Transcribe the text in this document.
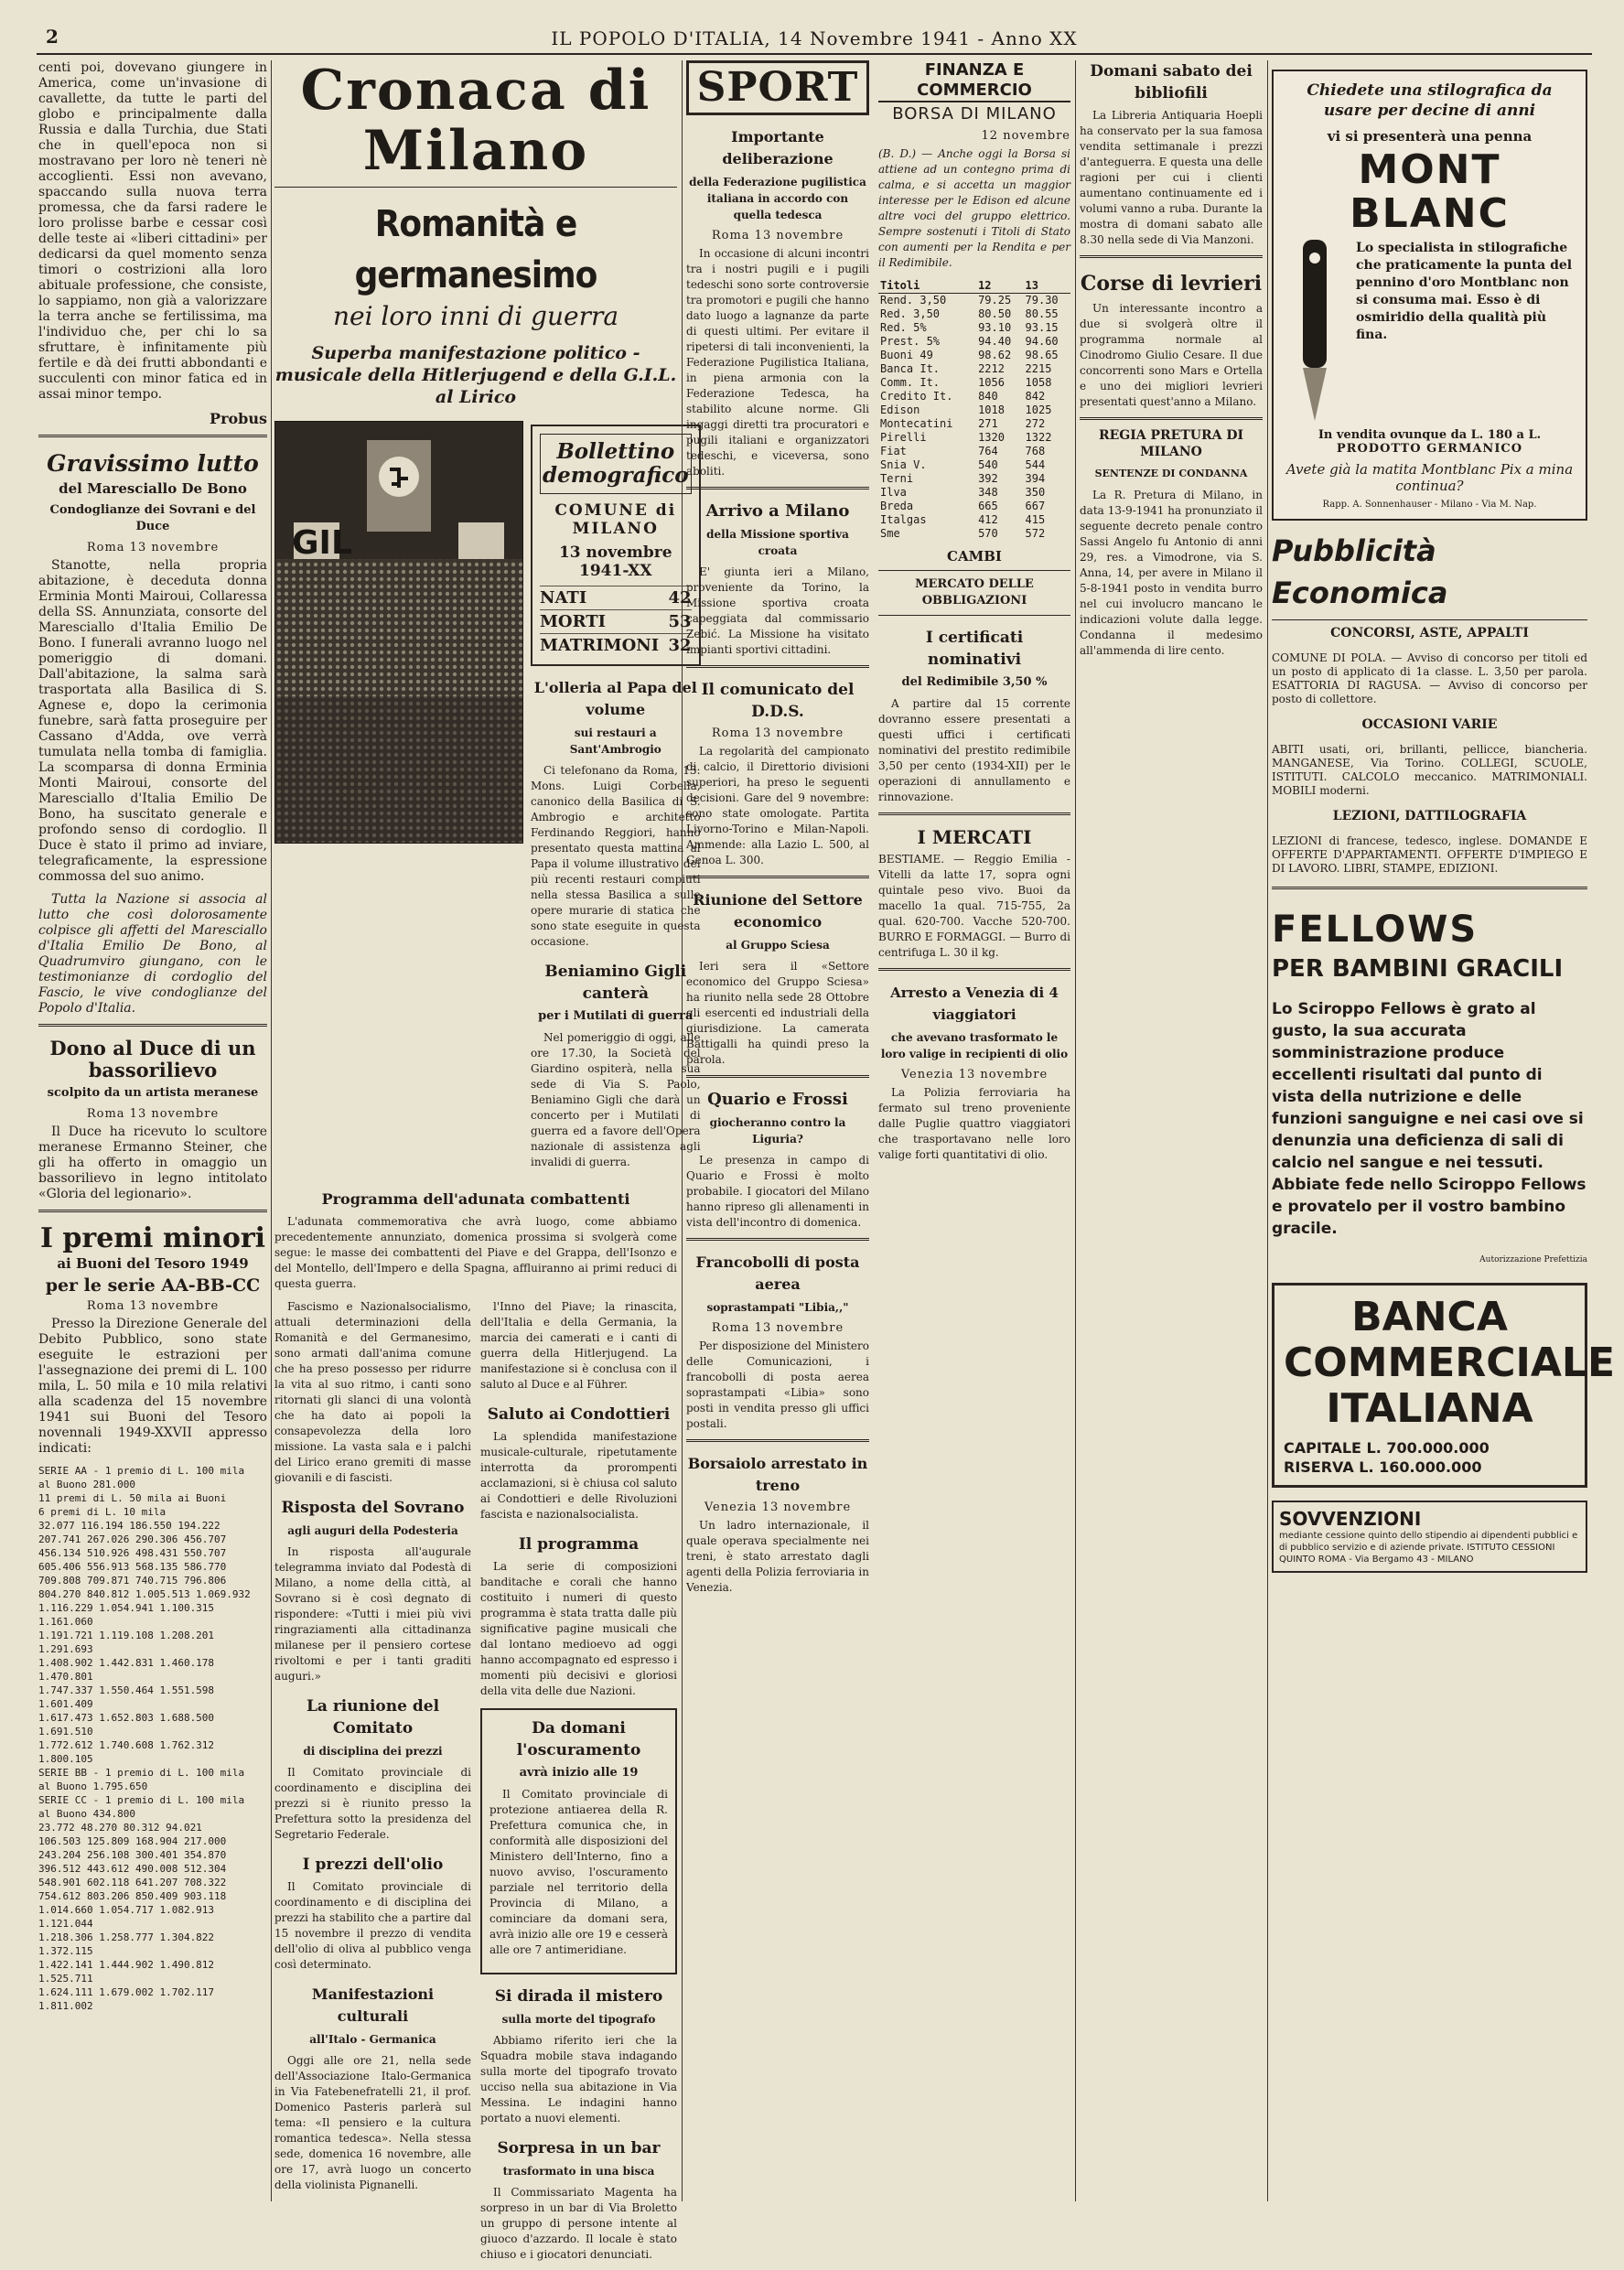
2	IL POPOLO D'ITALIA, 14 Novembre 1941 - Anno XX

centi poi, dovevano giungere in America, come un'invasione di cavallette, da tutte le parti del globo e principalmente dalla Russia e dalla Turchia, due Stati che in quell'epoca non si mostravano per loro nè teneri nè accoglienti. Essi non avevano, spaccando sulla nuova terra promessa, che da farsi radere le loro prolisse barbe e cessar così delle teste ai «liberi cittadini» per dedicarsi da quel momento senza timori o costrizioni alla loro abituale professione, che consiste, lo sappiamo, non già a valorizzare la terra anche se fertilissima, ma l'individuo che, per chi lo sa sfruttare, è infinitamente più fertile e dà dei frutti abbondanti e succulenti con minor fatica ed in assai minor tempo.

Probus
Gravissimo lutto
del Maresciallo De Bono
Condoglianze dei Sovrani e del Duce
Roma 13 novembre

Stanotte, nella propria abitazione, è deceduta donna Erminia Monti Mairoui, Collaressa della SS. Annunziata, consorte del Maresciallo d'Italia Emilio De Bono. I funerali avranno luogo nel pomeriggio di domani. Dall'abitazione, la salma sarà trasportata alla Basilica di S. Agnese e, dopo la cerimonia funebre, sarà fatta proseguire per Cassano d'Adda, ove verrà tumulata nella tomba di famiglia. La scomparsa di donna Erminia Monti Mairoui, consorte del Maresciallo d'Italia Emilio De Bono, ha suscitato generale e profondo senso di cordoglio. Il Duce è stato il primo ad inviare, telegraficamente, la espressione commossa del suo animo.

Tutta la Nazione si associa al lutto che così dolorosamente colpisce gli affetti del Maresciallo d'Italia Emilio De Bono, al Quadrumviro giungano, con le testimonianze di cordoglio del Fascio, le vive condoglianze del Popolo d'Italia.

Dono al Duce di un bassorilievo
scolpito da un artista meranese
Roma 13 novembre

Il Duce ha ricevuto lo scultore meranese Ermanno Steiner, che gli ha offerto in omaggio un bassorilievo in legno intitolato «Gloria del legionario».

I premi minori
ai Buoni del Tesoro 1949
per le serie AA-BB-CC
Roma 13 novembre

Presso la Direzione Generale del Debito Pubblico, sono state eseguite le estrazioni per l'assegnazione dei premi di L. 100 mila, L. 50 mila e 10 mila relativi alla scadenza del 15 novembre 1941 sui Buoni del Tesoro novennali 1949-XXVII appresso indicati:

SERIE AA - 1 premio di L. 100 mila
al Buono 281.000
11 premi di L. 50 mila ai Buoni
6 premi di L. 10 mila
32.077 116.194 186.550 194.222
207.741 267.026 290.306 456.707
456.134 510.926 498.431 550.707
605.406 556.913 568.135 586.770
709.808 709.871 740.715 796.806
804.270 840.812 1.005.513 1.069.932
1.116.229 1.054.941 1.100.315 1.161.060
1.191.721 1.119.108 1.208.201 1.291.693
1.408.902 1.442.831 1.460.178 1.470.801
1.747.337 1.550.464 1.551.598 1.601.409
1.617.473 1.652.803 1.688.500 1.691.510
1.772.612 1.740.608 1.762.312 1.800.105
SERIE BB - 1 premio di L. 100 mila
al Buono 1.795.650
SERIE CC - 1 premio di L. 100 mila
al Buono 434.800
23.772 48.270 80.312 94.021
106.503 125.809 168.904 217.000
243.204 256.108 300.401 354.870
396.512 443.612 490.008 512.304
548.901 602.118 641.207 708.322
754.612 803.206 850.409 903.118
1.014.660 1.054.717 1.082.913 1.121.044
1.218.306 1.258.777 1.304.822 1.372.115
1.422.141 1.444.902 1.490.812 1.525.711
1.624.111 1.679.002 1.702.117 1.811.002
Cronaca di Milano
Romanità e germanesimo
nei loro inni di guerra
Superba manifestazione politico - musicale della Hitlerjugend e della G.I.L. al Lirico
GIL
Bollettino demografico
COMUNE di MILANO
13 novembre 1941-XX
NATI	42
MORTI	53
MATRIMONI 32
L'olleria al Papa del volume
sui restauri a Sant'Ambrogio

Ci telefonano da Roma, 13: Mons. Luigi Corbella, canonico della Basilica di S. Ambrogio e architetto Ferdinando Reggiori, hanno presentato questa mattina al Papa il volume illustrativo dei più recenti restauri compiuti nella stessa Basilica a sulle opere murarie di statica che sono state eseguite in questa occasione.

Beniamino Gigli canterà
per i Mutilati di guerra

Nel pomeriggio di oggi, alle ore 17.30, la Società del Giardino ospiterà, nella sua sede di Via S. Paolo, Beniamino Gigli che darà un concerto per i Mutilati di guerra ed a favore dell'Opera nazionale di assistenza agli invalidi di guerra.

Programma dell'adunata combattenti

L'adunata commemorativa che avrà luogo, come abbiamo precedentemente annunziato, domenica prossima si svolgerà come segue: le masse dei combattenti del Piave e del Grappa, dell'Isonzo e del Montello, dell'Impero e della Spagna, affluiranno ai primi reduci di questa guerra.

Fascismo e Nazionalsocialismo, attuali determinazioni della Romanità e del Germanesimo, sono armati dall'anima comune che ha preso possesso per ridurre la vita al suo ritmo, i canti sono ritornati gli slanci di una volontà che ha dato ai popoli la consapevolezza della loro missione. La vasta sala e i palchi del Lirico erano gremiti di masse giovanili e di fascisti.

Risposta del Sovrano
agli auguri della Podesteria

In risposta all'augurale telegramma inviato dal Podestà di Milano, a nome della città, al Sovrano si è così degnato di rispondere: «Tutti i miei più vivi ringraziamenti alla cittadinanza milanese per il pensiero cortese rivoltomi e per i tanti graditi auguri.»

La riunione del Comitato
di disciplina dei prezzi

Il Comitato provinciale di coordinamento e disciplina dei prezzi si è riunito presso la Prefettura sotto la presidenza del Segretario Federale.

I prezzi dell'olio

Il Comitato provinciale di coordinamento e di disciplina dei prezzi ha stabilito che a partire dal 15 novembre il prezzo di vendita dell'olio di oliva al pubblico venga così determinato.

Manifestazioni culturali
all'Italo - Germanica

Oggi alle ore 21, nella sede dell'Associazione Italo-Germanica in Via Fatebenefratelli 21, il prof. Domenico Pasteris parlerà sul tema: «Il pensiero e la cultura romantica tedesca». Nella stessa sede, domenica 16 novembre, alle ore 17, avrà luogo un concerto della violinista Pignanelli.

l'Inno del Piave; la rinascita, dell'Italia e della Germania, la marcia dei camerati e i canti di guerra della Hitlerjugend. La manifestazione si è conclusa con il saluto al Duce e al Führer.

Saluto ai Condottieri

La splendida manifestazione musicale-culturale, ripetutamente interrotta da prorompenti acclamazioni, si è chiusa col saluto ai Condottieri e delle Rivoluzioni fascista e nazionalsocialista.

Il programma

La serie di composizioni banditache e corali che hanno costituito i numeri di questo programma è stata tratta dalle più significative pagine musicali che dal lontano medioevo ad oggi hanno accompagnato ed espresso i momenti più decisivi e gloriosi della vita delle due Nazioni.

Da domani l'oscuramento
avrà inizio alle 19

Il Comitato provinciale di protezione antiaerea della R. Prefettura comunica che, in conformità alle disposizioni del Ministero dell'Interno, fino a nuovo avviso, l'oscuramento parziale nel territorio della Provincia di Milano, a cominciare da domani sera, avrà inizio alle ore 19 e cesserà alle ore 7 antimeridiane.

Si dirada il mistero
sulla morte del tipografo

Abbiamo riferito ieri che la Squadra mobile stava indagando sulla morte del tipografo trovato ucciso nella sua abitazione in Via Messina. Le indagini hanno portato a nuovi elementi.

Sorpresa in un bar
trasformato in una bisca

Il Commissariato Magenta ha sorpreso in un bar di Via Broletto un gruppo di persone intente al giuoco d'azzardo. Il locale è stato chiuso e i giocatori denunciati.

SPORT
Importante deliberazione
della Federazione pugilistica italiana in accordo con quella tedesca
Roma 13 novembre

In occasione di alcuni incontri tra i nostri pugili e i pugili tedeschi sono sorte controversie tra promotori e pugili che hanno dato luogo a lagnanze da parte di questi ultimi. Per evitare il ripetersi di tali inconvenienti, la Federazione Pugilistica Italiana, in piena armonia con la Federazione Tedesca, ha stabilito alcune norme. Gli ingaggi diretti tra procuratori e pugili italiani e organizzatori tedeschi, e viceversa, sono aboliti.

Arrivo a Milano
della Missione sportiva croata

E' giunta ieri a Milano, proveniente da Torino, la Missione sportiva croata capeggiata dal commissario Zebić. La Missione ha visitato impianti sportivi cittadini.

Il comunicato del D.D.S.
Roma 13 novembre

La regolarità del campionato di calcio, il Direttorio divisioni superiori, ha preso le seguenti decisioni. Gare del 9 novembre: sono state omologate. Partita Livorno-Torino e Milan-Napoli. Ammende: alla Lazio L. 500, al Genoa L. 300.

Riunione del Settore economico
al Gruppo Sciesa

Ieri sera il «Settore economico del Gruppo Sciesa» ha riunito nella sede 28 Ottobre gli esercenti ed industriali della giurisdizione. La camerata Battigalli ha quindi preso la parola.

Quario e Frossi
giocheranno contro la Liguria?

Le presenza in campo di Quario e Frossi è molto probabile. I giocatori del Milano hanno ripreso gli allenamenti in vista dell'incontro di domenica.

Francobolli di posta aerea
soprastampati "Libia,,"
Roma 13 novembre

Per disposizione del Ministero delle Comunicazioni, i francobolli di posta aerea soprastampati «Libia» sono posti in vendita presso gli uffici postali.

Borsaiolo arrestato in treno
Venezia 13 novembre

Un ladro internazionale, il quale operava specialmente nei treni, è stato arrestato dagli agenti della Polizia ferroviaria in Venezia.

FINANZA E COMMERCIO
BORSA DI MILANO
12 novembre

(B. D.) — Anche oggi la Borsa si attiene ad un contegno prima di calma, e si accetta un maggior interesse per le Edison ed alcune altre voci del gruppo elettrico. Sempre sostenuti i Titoli di Stato con aumenti per la Rendita e per il Redimibile.

Titoli	12	13
Rend. 3,50	79.25	79.30
Red. 3,50	80.50	80.55
Red. 5%	93.10	93.15
Prest. 5%	94.40	94.60
Buoni 49	98.62	98.65
Banca It.	2212	2215
Comm. It.	1056	1058
Credito It.	840	842
Edison	1018	1025
Montecatini	271	272
Pirelli	1320	1322
Fiat	764	768
Snia V.	540	544
Terni	392	394
Ilva	348	350
Breda	665	667
Italgas	412	415
Sme	570	572
CAMBI
MERCATO DELLE OBBLIGAZIONI
I certificati nominativi
del Redimibile 3,50 %

A partire dal 15 corrente dovranno essere presentati a questi uffici i certificati nominativi del prestito redimibile 3,50 per cento (1934-XII) per le operazioni di annullamento e rinnovazione.

I MERCATI

BESTIAME. — Reggio Emilia - Vitelli da latte 17, sopra ogni quintale peso vivo. Buoi da macello 1a qual. 715-755, 2a qual. 620-700. Vacche 520-700. BURRO E FORMAGGI. — Burro di centrifuga L. 30 il kg.

Arresto a Venezia di 4 viaggiatori
che avevano trasformato le loro valige in recipienti di olio
Venezia 13 novembre

La Polizia ferroviaria ha fermato sul treno proveniente dalle Puglie quattro viaggiatori che trasportavano nelle loro valige forti quantitativi di olio.

Domani sabato dei bibliofili

La Libreria Antiquaria Hoepli ha conservato per la sua famosa vendita settimanale i prezzi d'anteguerra. E questa una delle ragioni per cui i clienti aumentano continuamente ed i volumi vanno a ruba. Durante la mostra di domani sabato alle 8.30 nella sede di Via Manzoni.

Corse di levrieri

Un interessante incontro a due si svolgerà oltre il programma normale al Cinodromo Giulio Cesare. Il due concorrenti sono Mars e Ortella e uno dei migliori levrieri presentati quest'anno a Milano.

REGIA PRETURA DI MILANO
SENTENZE DI CONDANNA

La R. Pretura di Milano, in data 13-9-1941 ha pronunziato il seguente decreto penale contro Sassi Angelo fu Antonio di anni 29, res. a Vimodrone, via S. Anna, 14, per avere in Milano il 5-8-1941 posto in vendita burro nel cui involucro mancano le indicazioni volute dalla legge. Condanna il medesimo all'ammenda di lire cento.

Chiedete una stilografica da usare per decine di anni
vi si presenterà una penna
MONT BLANC

Lo specialista in stilografiche che praticamente la punta del pennino d'oro Montblanc non si consuma mai. Esso è di osmiridio della qualità più fina.

In vendita ovunque da L. 180 a L.
PRODOTTO GERMANICO
Avete già la matita Montblanc Pix a mina continua?
Rapp. A. Sonnenhauser - Milano - Via M. Nap.
Pubblicità Economica
CONCORSI, ASTE, APPALTI

COMUNE DI POLA. — Avviso di concorso per titoli ed un posto di applicato di 1a classe. L. 3,50 per parola. ESATTORIA DI RAGUSA. — Avviso di concorso per posto di collettore.

OCCASIONI VARIE

ABITI usati, ori, brillanti, pellicce, biancheria. MANGANESE, Via Torino. COLLEGI, SCUOLE, ISTITUTI. CALCOLO meccanico. MATRIMONIALI. MOBILI moderni.

LEZIONI, DATTILOGRAFIA

LEZIONI di francese, tedesco, inglese. DOMANDE E OFFERTE D'APPARTAMENTI. OFFERTE D'IMPIEGO E DI LAVORO. LIBRI, STAMPE, EDIZIONI.

FELLOWS
PER BAMBINI GRACILI

Lo Sciroppo Fellows è grato al gusto, la sua accurata somministrazione produce eccellenti risultati dal punto di vista della nutrizione e delle funzioni sanguigne e nei casi ove si denunzia una deficienza di sali di calcio nel sangue e nei tessuti. Abbiate fede nello Sciroppo Fellows e provatelo per il vostro bambino gracile.

Autorizzazione Prefettizia
BANCA COMMERCIALE ITALIANA
CAPITALE L. 700.000.000
RISERVA L. 160.000.000
SOVVENZIONI
mediante cessione quinto dello stipendio ai dipendenti pubblici e di pubblico servizio e di aziende private. ISTITUTO CESSIONI QUINTO ROMA - Via Bergamo 43 - MILANO
